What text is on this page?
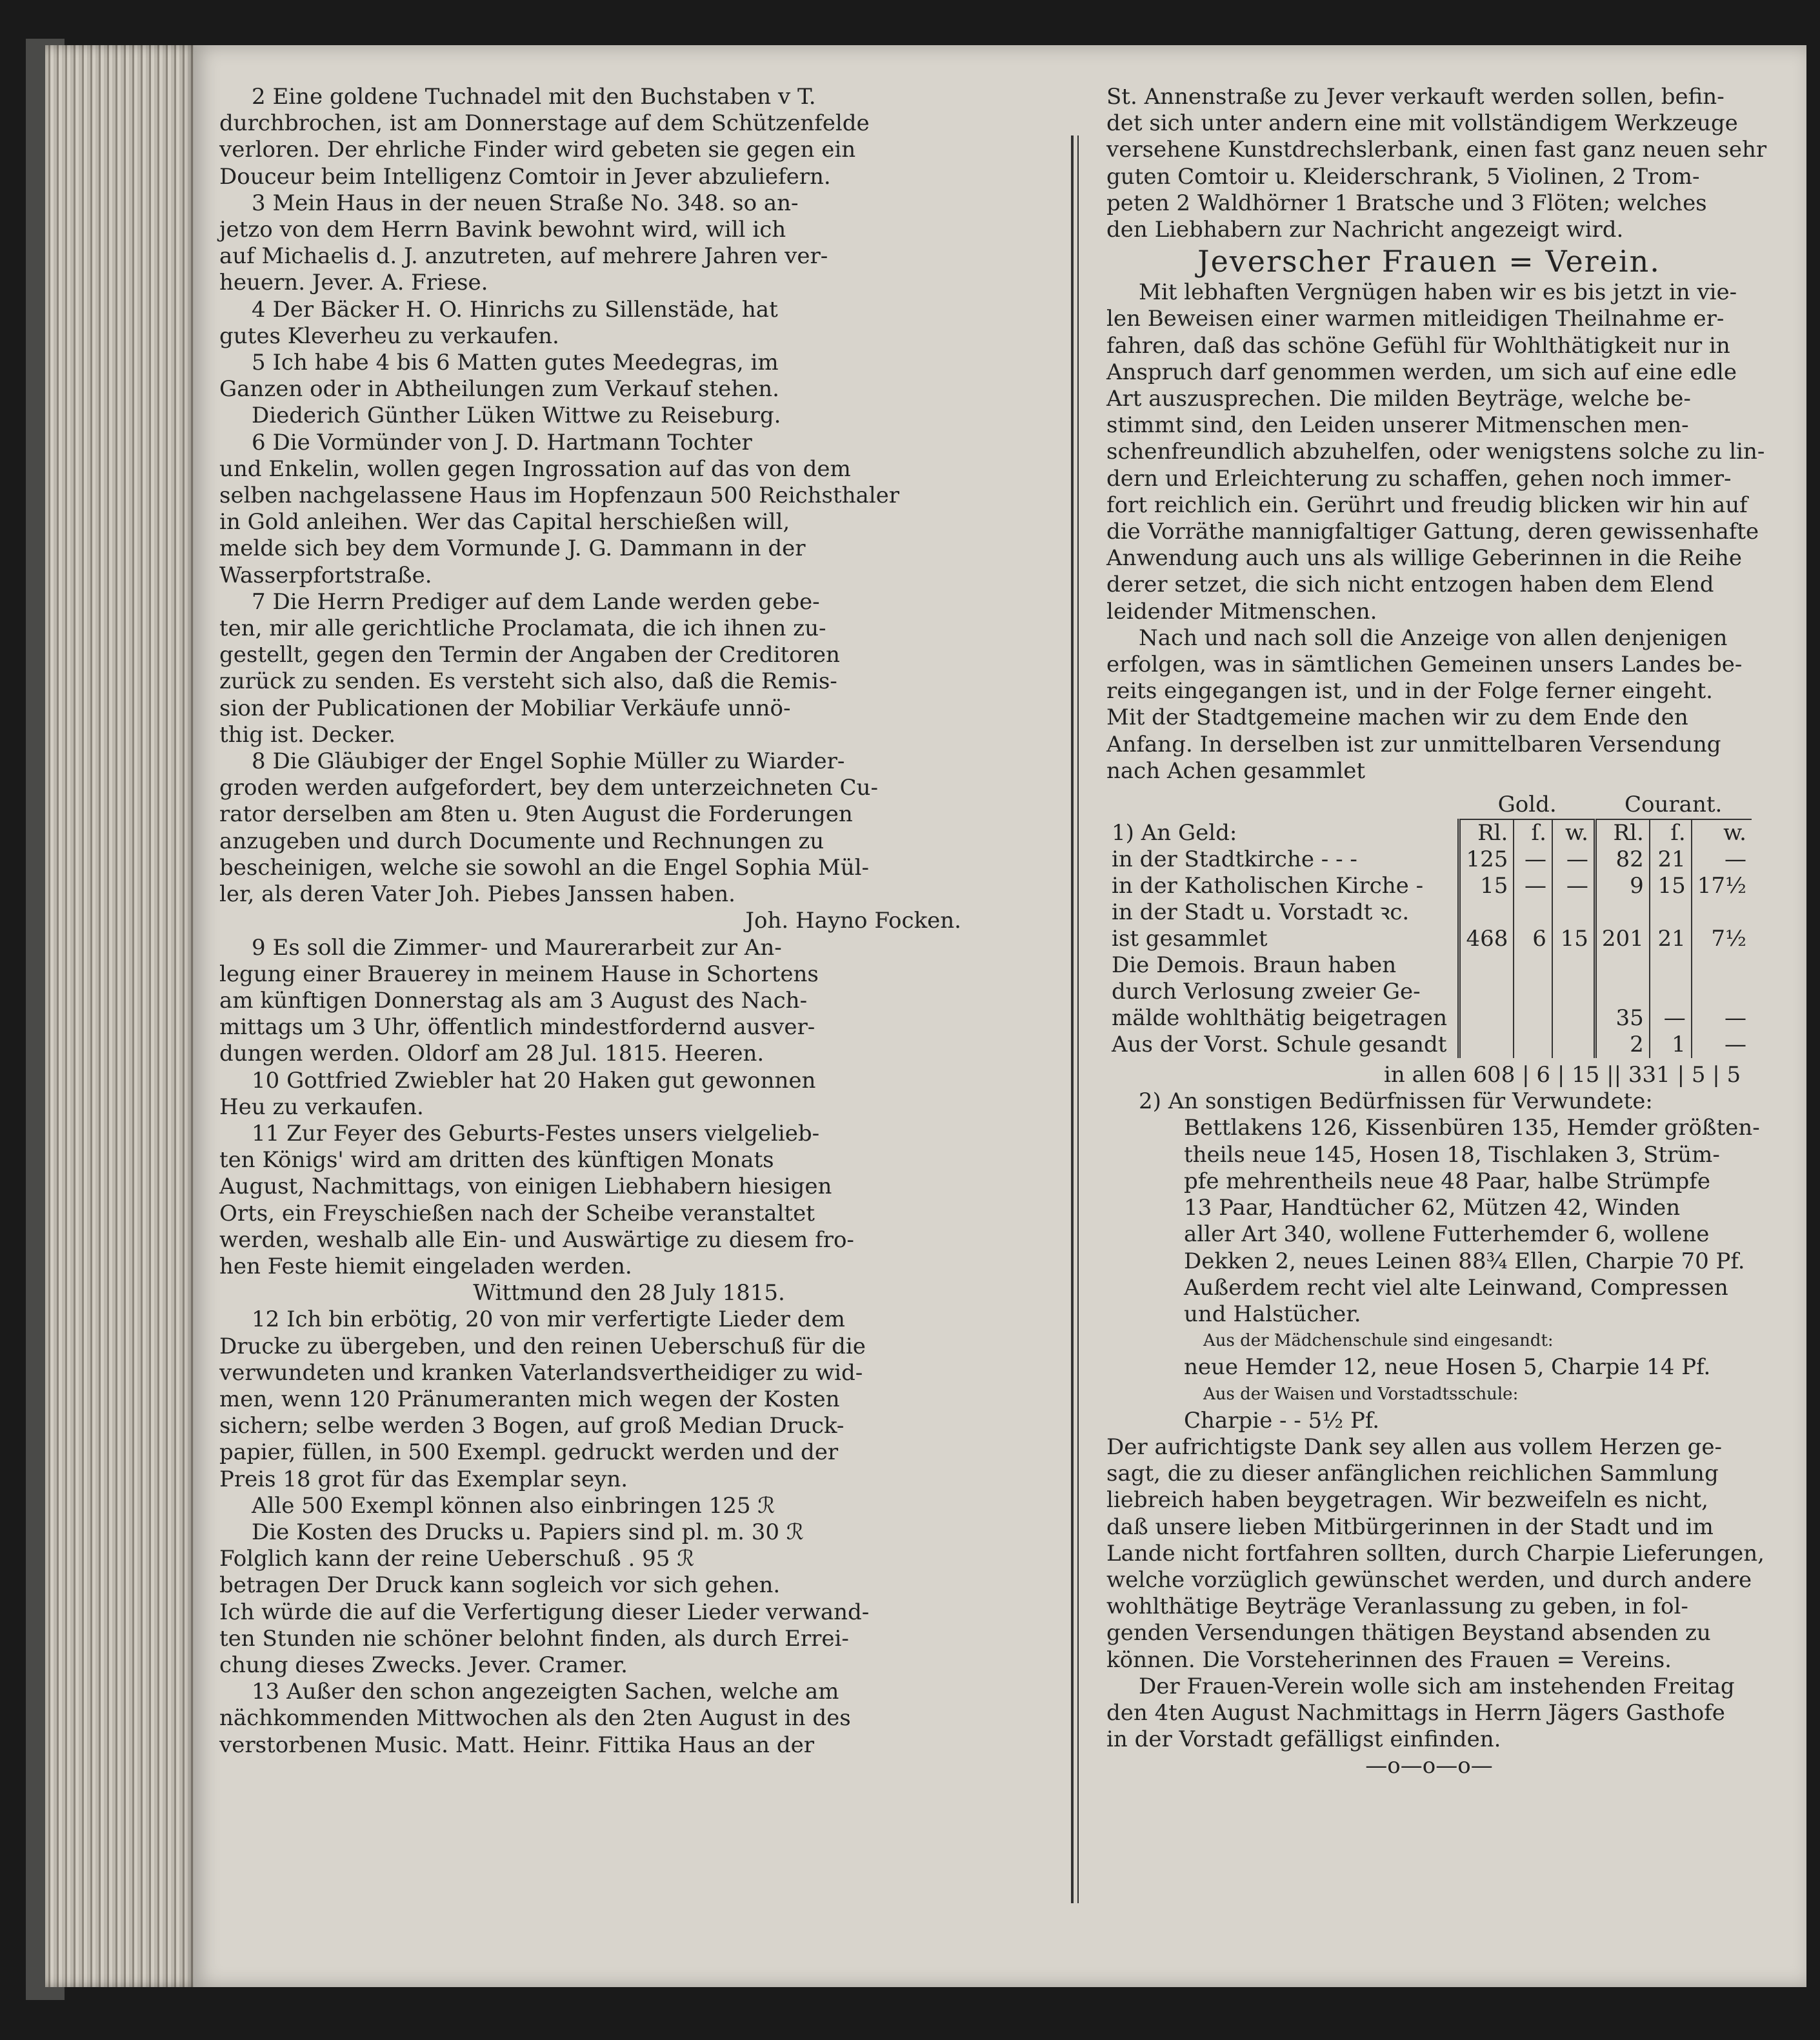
2 Eine goldene Tuchnadel mit den Buchstaben v T.

durchbrochen, ist am Donnerstage auf dem Schützenfelde

verloren. Der ehrliche Finder wird gebeten sie gegen ein

Douceur beim Intelligenz Comtoir in Jever abzuliefern.

3 Mein Haus in der neuen Straße No. 348. so an-

jetzo von dem Herrn Bavink bewohnt wird, will ich

auf Michaelis d. J. anzutreten, auf mehrere Jahren ver-

heuern. Jever. A. Friese.

4 Der Bäcker H. O. Hinrichs zu Sillenstäde, hat

gutes Kleverheu zu verkaufen.

5 Ich habe 4 bis 6 Matten gutes Meedegras, im

Ganzen oder in Abtheilungen zum Verkauf stehen.

Diederich Günther Lüken Wittwe zu Reiseburg.

6 Die Vormünder von J. D. Hartmann Tochter

und Enkelin, wollen gegen Ingrossation auf das von dem

selben nachgelassene Haus im Hopfenzaun 500 Reichsthaler

in Gold anleihen. Wer das Capital herschießen will,

melde sich bey dem Vormunde J. G. Dammann in der

Wasserpfortstraße.

7 Die Herrn Prediger auf dem Lande werden gebe-

ten, mir alle gerichtliche Proclamata, die ich ihnen zu-

gestellt, gegen den Termin der Angaben der Creditoren

zurück zu senden. Es versteht sich also, daß die Remis-

sion der Publicationen der Mobiliar Verkäufe unnö-

thig ist. Decker.

8 Die Gläubiger der Engel Sophie Müller zu Wiarder-

groden werden aufgefordert, bey dem unterzeichneten Cu-

rator derselben am 8ten u. 9ten August die Forderungen

anzugeben und durch Documente und Rechnungen zu

bescheinigen, welche sie sowohl an die Engel Sophia Mül-

ler, als deren Vater Joh. Piebes Janssen haben.

Joh. Hayno Focken.

9 Es soll die Zimmer- und Maurerarbeit zur An-

legung einer Brauerey in meinem Hause in Schortens

am künftigen Donnerstag als am 3 August des Nach-

mittags um 3 Uhr, öffentlich mindestfordernd ausver-

dungen werden. Oldorf am 28 Jul. 1815. Heeren.

10 Gottfried Zwiebler hat 20 Haken gut gewonnen

Heu zu verkaufen.

11 Zur Feyer des Geburts-Festes unsers vielgelieb-

ten Königs' wird am dritten des künftigen Monats

August, Nachmittags, von einigen Liebhabern hiesigen

Orts, ein Freyschießen nach der Scheibe veranstaltet

werden, weshalb alle Ein- und Auswärtige zu diesem fro-

hen Feste hiemit eingeladen werden.

Wittmund den 28 July 1815.

12 Ich bin erbötig, 20 von mir verfertigte Lieder dem

Drucke zu übergeben, und den reinen Ueberschuß für die

verwundeten und kranken Vaterlandsvertheidiger zu wid-

men, wenn 120 Pränumeranten mich wegen der Kosten

sichern; selbe werden 3 Bogen, auf groß Median Druck-

papier, füllen, in 500 Exempl. gedruckt werden und der

Preis 18 grot für das Exemplar seyn.

Alle 500 Exempl können also einbringen 125 ℛ

Die Kosten des Drucks u. Papiers sind pl. m. 30 ℛ

Folglich kann der reine Ueberschuß . 95 ℛ

betragen Der Druck kann sogleich vor sich gehen.

Ich würde die auf die Verfertigung dieser Lieder verwand-

ten Stunden nie schöner belohnt finden, als durch Errei-

chung dieses Zwecks. Jever. Cramer.

13 Außer den schon angezeigten Sachen, welche am

nächkommenden Mittwochen als den 2ten August in des

verstorbenen Music. Matt. Heinr. Fittika Haus an der

St. Annenstraße zu Jever verkauft werden sollen, befin-

det sich unter andern eine mit vollständigem Werkzeuge

versehene Kunstdrechslerbank, einen fast ganz neuen sehr

guten Comtoir u. Kleiderschrank, 5 Violinen, 2 Trom-

peten 2 Waldhörner 1 Bratsche und 3 Flöten; welches

den Liebhabern zur Nachricht angezeigt wird.

Jeverscher Frauen = Verein.

Mit lebhaften Vergnügen haben wir es bis jetzt in vie-

len Beweisen einer warmen mitleidigen Theilnahme er-

fahren, daß das schöne Gefühl für Wohlthätigkeit nur in

Anspruch darf genommen werden, um sich auf eine edle

Art auszusprechen. Die milden Beyträge, welche be-

stimmt sind, den Leiden unserer Mitmenschen men-

schenfreundlich abzuhelfen, oder wenigstens solche zu lin-

dern und Erleichterung zu schaffen, gehen noch immer-

fort reichlich ein. Gerührt und freudig blicken wir hin auf

die Vorräthe mannigfaltiger Gattung, deren gewissenhafte

Anwendung auch uns als willige Geberinnen in die Reihe

derer setzet, die sich nicht entzogen haben dem Elend

leidender Mitmenschen.

Nach und nach soll die Anzeige von allen denjenigen

erfolgen, was in sämtlichen Gemeinen unsers Landes be-

reits eingegangen ist, und in der Folge ferner eingeht.

Mit der Stadtgemeine machen wir zu dem Ende den

Anfang. In derselben ist zur unmittelbaren Versendung

nach Achen gesammlet

	Gold.			Courant.		
1) An Geld:	Rl.	ſ.	w.	Rl.	ſ.	w.
in der Stadtkirche - - -	125	—	—	82	21	—
in der Katholischen Kirche -	15	—	—	9	15	17½
in der Stadt u. Vorstadt ꝛc.						
ist gesammlet	468	6	15	201	21	7½
Die Demois. Braun haben						
durch Verlosung zweier Ge-						
mälde wohlthätig beigetragen				35	—	—
Aus der Vorst. Schule gesandt				2	1	—

in allen 608 | 6 | 15 || 331 | 5 | 5

2) An sonstigen Bedürfnissen für Verwundete:

Bettlakens 126, Kissenbüren 135, Hemder größten-

theils neue 145, Hosen 18, Tischlaken 3, Strüm-

pfe mehrentheils neue 48 Paar, halbe Strümpfe

13 Paar, Handtücher 62, Mützen 42, Winden

aller Art 340, wollene Futterhemder 6, wollene

Dekken 2, neues Leinen 88¾ Ellen, Charpie 70 Pf.

Außerdem recht viel alte Leinwand, Compressen

und Halstücher.

Aus der Mädchenschule sind eingesandt:

neue Hemder 12, neue Hosen 5, Charpie 14 Pf.

Aus der Waisen und Vorstadtsschule:

Charpie - - 5½ Pf.

Der aufrichtigste Dank sey allen aus vollem Herzen ge-

sagt, die zu dieser anfänglichen reichlichen Sammlung

liebreich haben beygetragen. Wir bezweifeln es nicht,

daß unsere lieben Mitbürgerinnen in der Stadt und im

Lande nicht fortfahren sollten, durch Charpie Lieferungen,

welche vorzüglich gewünschet werden, und durch andere

wohlthätige Beyträge Veranlassung zu geben, in fol-

genden Versendungen thätigen Beystand absenden zu

können. Die Vorsteherinnen des Frauen = Vereins.

Der Frauen-Verein wolle sich am instehenden Freitag

den 4ten August Nachmittags in Herrn Jägers Gasthofe

in der Vorstadt gefälligst einfinden.

—o—o—o—
